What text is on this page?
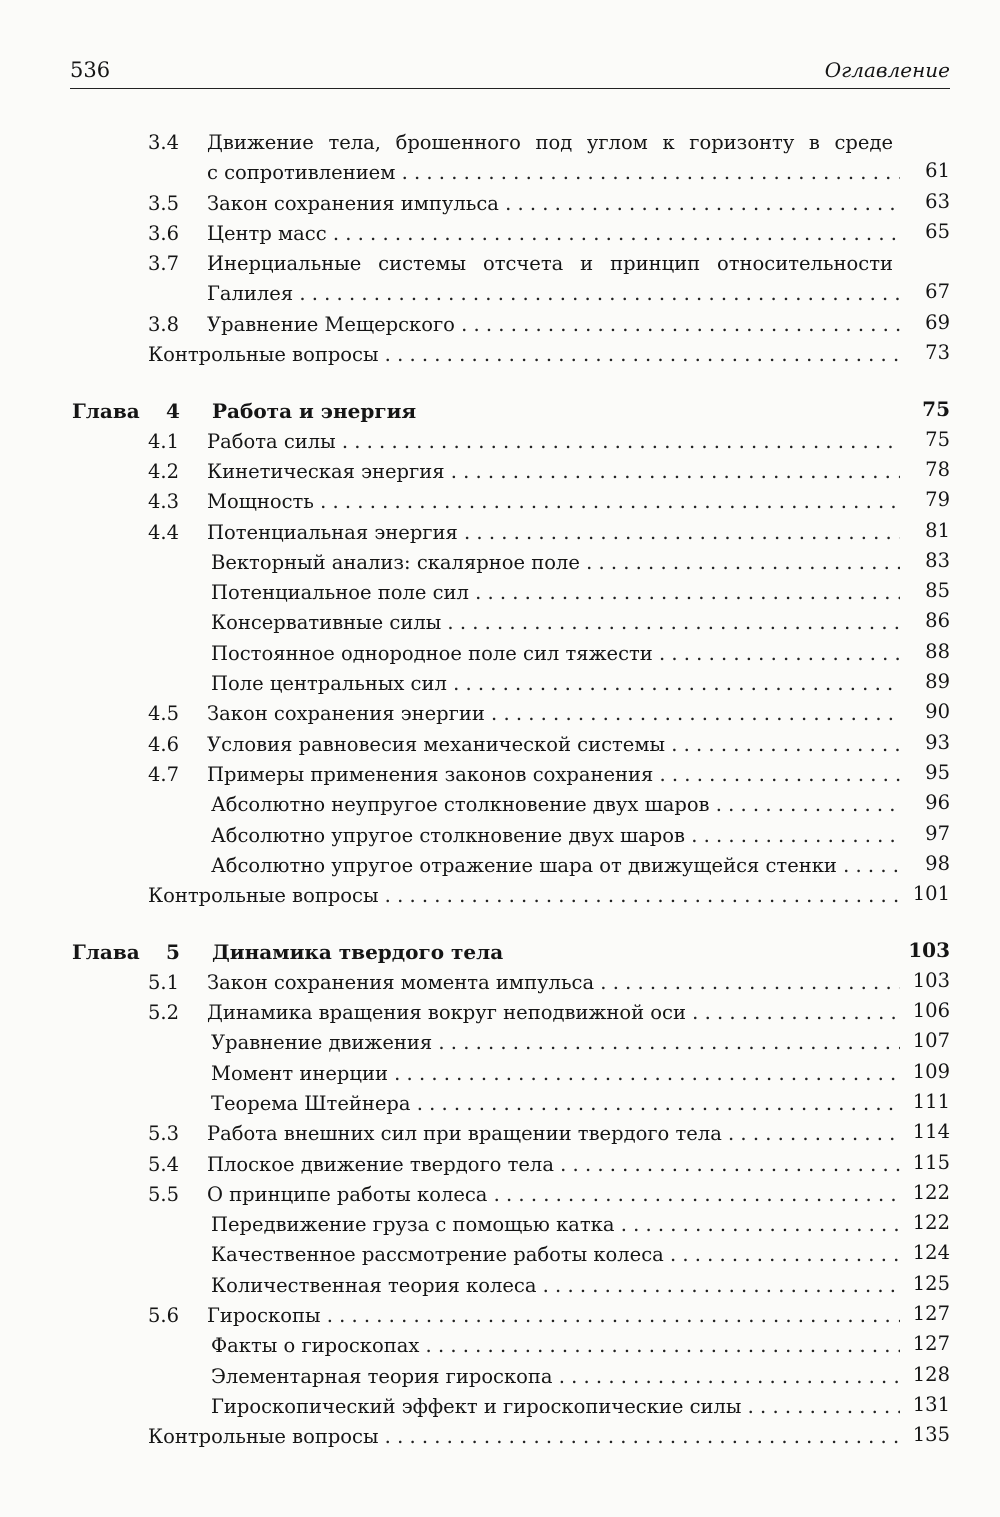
536	Оглавление
3.4 Движение тела, брошенного под углом к горизонту в среде
с сопротивлением . . .	61
3.5 Закон сохранения импульса . . .	63
3.6 Центр масс . . .	65
3.7 Инерциальные системы отсчета и принцип относительности
Галилея . . .	67
3.8 Уравнение Мещерского . . .	69
Контрольные вопросы . . .	73
Глава 4 Работа и энергия	75
4.1 Работа силы . . .	75
4.2 Кинетическая энергия . . .	78
4.3 Мощность . . .	79
4.4 Потенциальная энергия . . .	81
Векторный анализ: скалярное поле . . .	83
Потенциальное поле сил . . .	85
Консервативные силы . . .	86
Постоянное однородное поле сил тяжести . . .	88
Поле центральных сил . . .	89
4.5 Закон сохранения энергии . . .	90
4.6 Условия равновесия механической системы . . .	93
4.7 Примеры применения законов сохранения . . .	95
Абсолютно неупругое столкновение двух шаров . . .	96
Абсолютно упругое столкновение двух шаров . . .	97
Абсолютно упругое отражение шара от движущейся стенки . . .	98
Контрольные вопросы . . .	101
Глава 5 Динамика твердого тела	103
5.1 Закон сохранения момента импульса . . .	103
5.2 Динамика вращения вокруг неподвижной оси . . .	106
Уравнение движения . . .	107
Момент инерции . . .	109
Теорема Штейнера . . .	111
5.3 Работа внешних сил при вращении твердого тела . . .	114
5.4 Плоское движение твердого тела . . .	115
5.5 О принципе работы колеса . . .	122
Передвижение груза с помощью катка . . .	122
Качественное рассмотрение работы колеса . . .	124
Количественная теория колеса . . .	125
5.6 Гироскопы . . .	127
Факты о гироскопах . . .	127
Элементарная теория гироскопа . . .	128
Гироскопический эффект и гироскопические силы . . .	131
Контрольные вопросы . . .	135
